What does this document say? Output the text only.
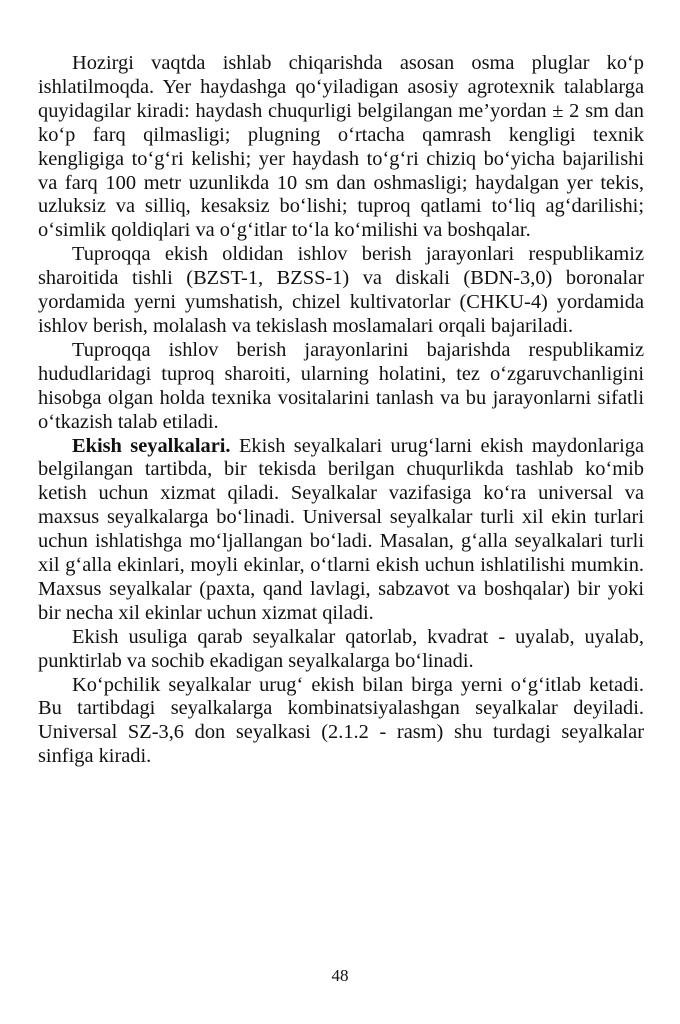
Hozirgi vaqtda ishlab chiqarishda asosan osma pluglar ko‘p ishlatilmoqda. Yer haydashga qo‘yiladigan asosiy agrotexnik talablarga quyidagilar kiradi: haydash chuqurligi belgilangan me’yordan ± 2 sm dan ko‘p farq qilmasligi; plugning o‘rtacha qamrash kengligi texnik kengligiga to‘g‘ri kelishi; yer haydash to‘g‘ri chiziq bo‘yicha bajarilishi va farq 100 metr uzunlikda 10 sm dan oshmasligi; haydalgan yer tekis, uzluksiz va silliq, kesaksiz bo‘lishi; tuproq qatlami to‘liq ag‘darilishi; o‘simlik qoldiqlari va o‘g‘itlar to‘la ko‘milishi va boshqalar.

Tuproqqa ekish oldidan ishlov berish jarayonlari respublikamiz sharoitida tishli (BZST-1, BZSS-1) va diskali (BDN-3,0) boronalar yordamida yerni yumshatish, chizel kultivatorlar (CHKU-4) yordamida ishlov berish, molalash va tekislash moslamalari orqali bajariladi.

Tuproqqa ishlov berish jarayonlarini bajarishda respublikamiz hududlaridagi tuproq sharoiti, ularning holatini, tez o‘zgaruvchanligini hisobga olgan holda texnika vositalarini tanlash va bu jarayonlarni sifatli o‘tkazish talab etiladi.

Ekish seyalkalari. Ekish seyalkalari urug‘larni ekish maydonlariga belgilangan tartibda, bir tekisda berilgan chuqurlikda tashlab ko‘mib ketish uchun xizmat qiladi. Seyalkalar vazifasiga ko‘ra universal va maxsus seyalkalarga bo‘linadi. Universal seyalkalar turli xil ekin turlari uchun ishlatishga mo‘ljallangan bo‘ladi. Masalan, g‘alla seyalkalari turli xil g‘alla ekinlari, moyli ekinlar, o‘tlarni ekish uchun ishlatilishi mumkin. Maxsus seyalkalar (paxta, qand lavlagi, sabzavot va boshqalar) bir yoki bir necha xil ekinlar uchun xizmat qiladi.

Ekish usuliga qarab seyalkalar qatorlab, kvadrat - uyalab, uyalab, punktirlab va sochib ekadigan seyalkalarga bo‘linadi.

Ko‘pchilik seyalkalar urug‘ ekish bilan birga yerni o‘g‘itlab ketadi. Bu tartibdagi seyalkalarga kombinatsiyalashgan seyalkalar deyiladi. Universal SZ-3,6 don seyalkasi (2.1.2 - rasm) shu turdagi seyalkalar sinfiga kiradi.

48
